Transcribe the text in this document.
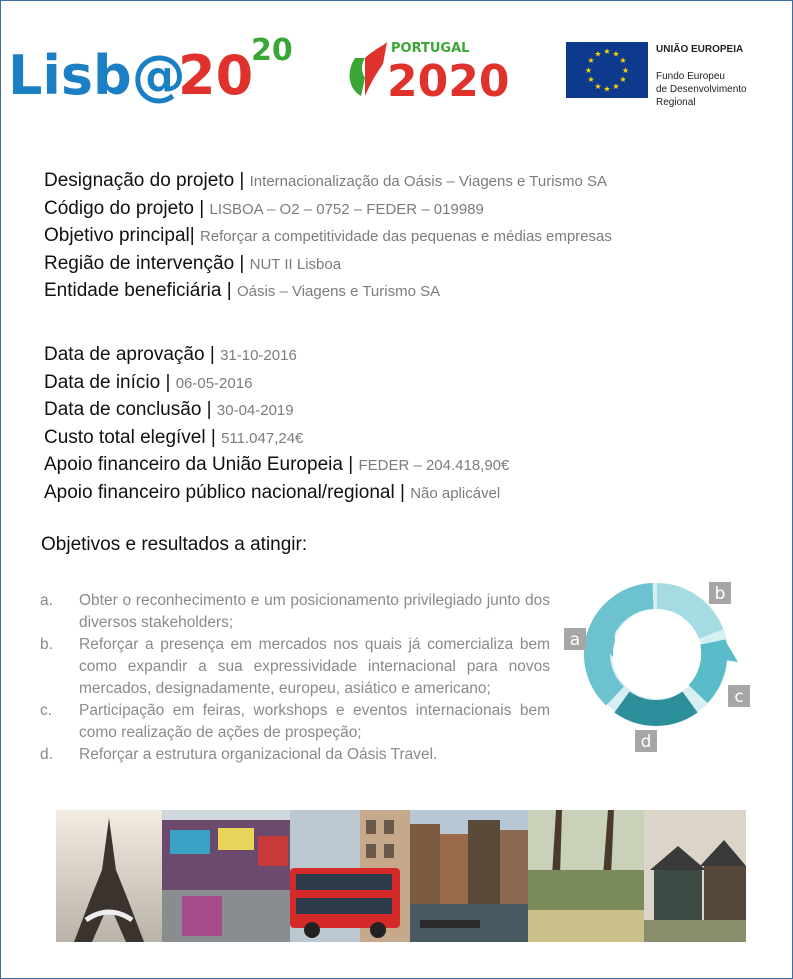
Lisb@
20
20	PORTUGAL
2020
★ ★
★
★
★
★
★
★
★
★
★
★	UNIÃO EUROPEIA
Fundo Europeu
de Desenvolvimento Regional
Designação do projeto | Internacionalização da Oásis – Viagens e Turismo SA
Código do projeto | LISBOA – O2 – 0752 – FEDER – 019989
Objetivo principal| Reforçar a competitividade das pequenas e médias empresas
Região de intervenção | NUT II Lisboa
Entidade beneficiária | Oásis – Viagens e Turismo SA
Data de aprovação | 31-10-2016
Data de início | 06-05-2016
Data de conclusão | 30-04-2019
Custo total elegível | 511.047,24€
Apoio financeiro da União Europeia | FEDER – 204.418,90€
Apoio financeiro público nacional/regional | Não aplicável
Objetivos e resultados a atingir:
a. Obter o reconhecimento e um posicionamento privilegiado junto dos diversos stakeholders;
b. Reforçar a presença em mercados nos quais já comercializa bem como expandir a sua expressividade internacional para novos mercados, designadamente, europeu, asiático e americano;
c. Participação em feiras, workshops e eventos internacionais bem como realização de ações de prospeção;
d. Reforçar a estrutura organizacional da Oásis Travel.
a
b
c
d
